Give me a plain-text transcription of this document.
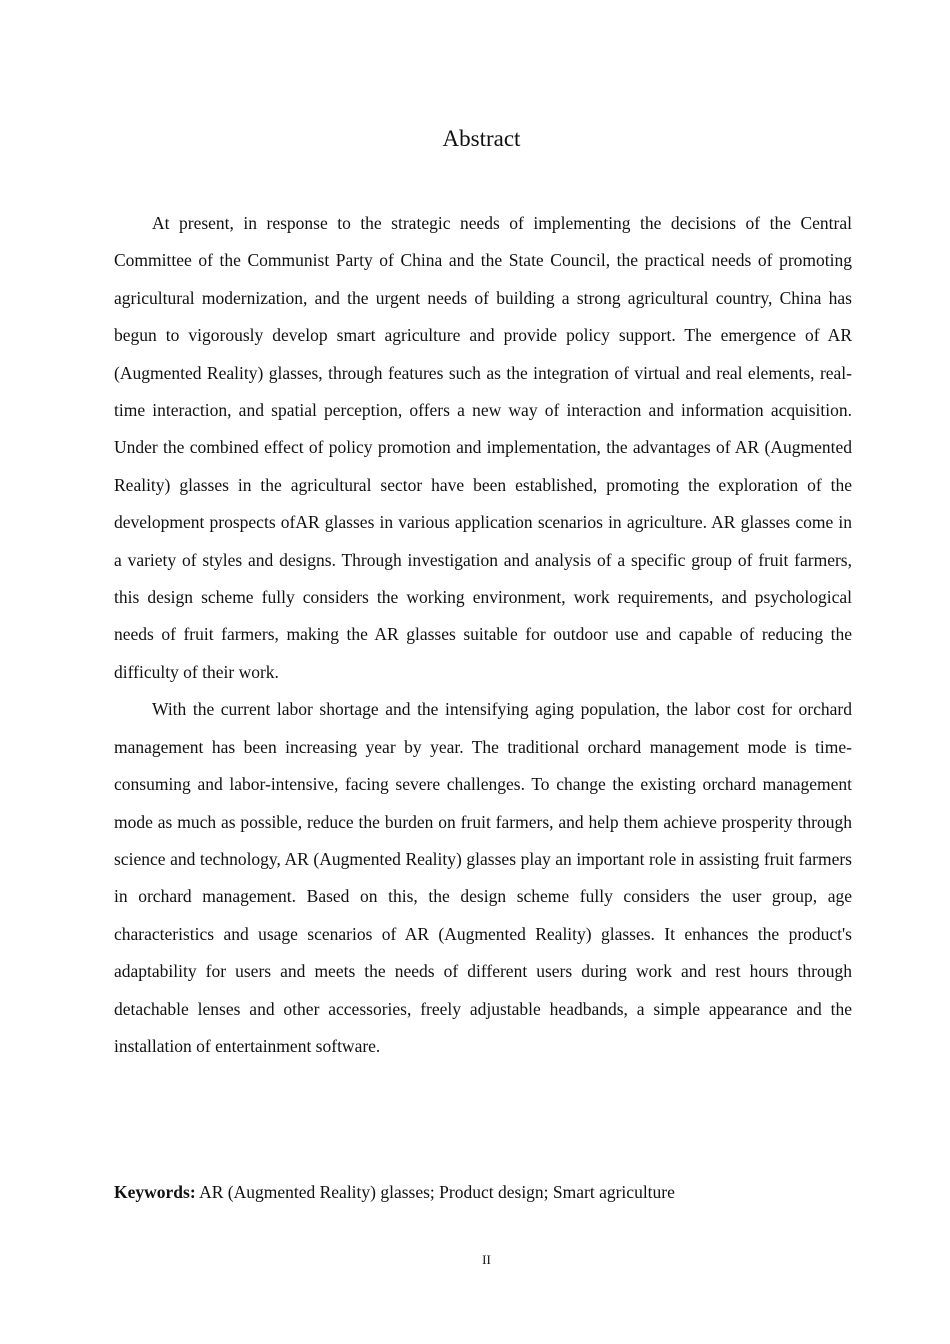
Abstract

At present, in response to the strategic needs of implementing the decisions of the Central Committee of the Communist Party of China and the State Council, the practical needs of promoting agricultural modernization, and the urgent needs of building a strong agricultural country, China has begun to vigorously develop smart agriculture and provide policy support. The emergence of AR (Augmented Reality) glasses, through features such as the integration of virtual and real elements, real-time interaction, and spatial perception, offers a new way of interaction and information acquisition. Under the combined effect of policy promotion and implementation, the advantages of AR (Augmented Reality) glasses in the agricultural sector have been established, promoting the exploration of the development prospects ofAR glasses in various application scenarios in agriculture. AR glasses come in a variety of styles and designs. Through investigation and analysis of a specific group of fruit farmers, this design scheme fully considers the working environment, work requirements, and psychological needs of fruit farmers, making the AR glasses suitable for outdoor use and capable of reducing the difficulty of their work.

With the current labor shortage and the intensifying aging population, the labor cost for orchard management has been increasing year by year. The traditional orchard management mode is time-consuming and labor-intensive, facing severe challenges. To change the existing orchard management mode as much as possible, reduce the burden on fruit farmers, and help them achieve prosperity through science and technology, AR (Augmented Reality) glasses play an important role in assisting fruit farmers in orchard management. Based on this, the design scheme fully considers the user group, age characteristics and usage scenarios of AR (Augmented Reality) glasses. It enhances the product's adaptability for users and meets the needs of different users during work and rest hours through detachable lenses and other accessories, freely adjustable headbands, a simple appearance and the installation of entertainment software.

Keywords: AR (Augmented Reality) glasses; Product design; Smart agriculture

II
